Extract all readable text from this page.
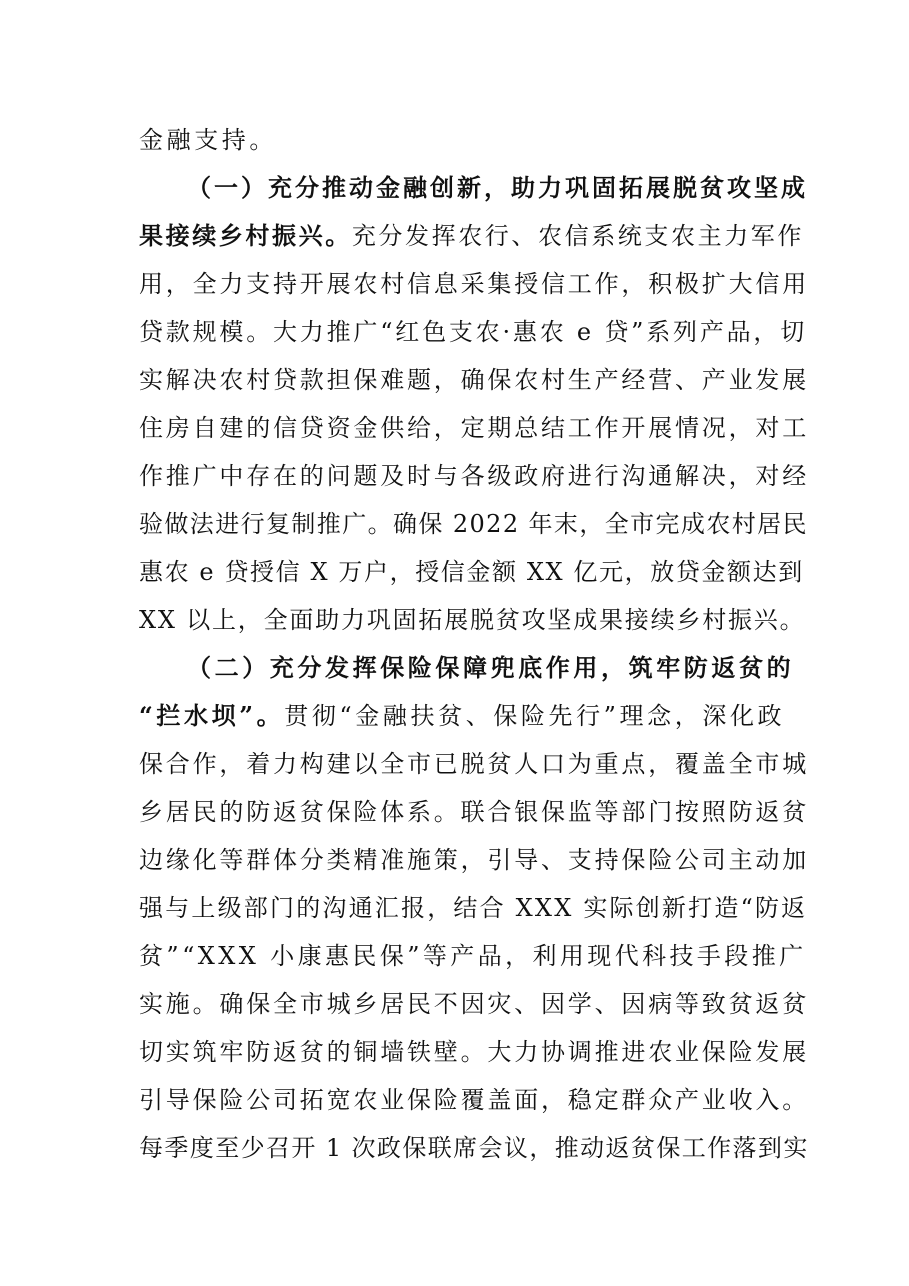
金融支持。
（一）充分推动金融创新，助力巩固拓展脱贫攻坚成
果接续乡村振兴。充分发挥农行、农信系统支农主力军作
用，全力支持开展农村信息采集授信工作，积极扩大信用
贷款规模。大力推广“红色支农·惠农 e 贷”系列产品，切
实解决农村贷款担保难题，确保农村生产经营、产业发展
住房自建的信贷资金供给，定期总结工作开展情况，对工
作推广中存在的问题及时与各级政府进行沟通解决，对经
验做法进行复制推广。确保 2022 年末，全市完成农村居民
惠农 e 贷授信 X 万户，授信金额 XX 亿元，放贷金额达到
XX 以上，全面助力巩固拓展脱贫攻坚成果接续乡村振兴。
（二）充分发挥保险保障兜底作用，筑牢防返贫的
“拦水坝”。贯彻“金融扶贫、保险先行”理念，深化政
保合作，着力构建以全市已脱贫人口为重点，覆盖全市城
乡居民的防返贫保险体系。联合银保监等部门按照防返贫
边缘化等群体分类精准施策，引导、支持保险公司主动加
强与上级部门的沟通汇报，结合 XXX 实际创新打造“防返
贫”“XXX 小康惠民保”等产品，利用现代科技手段推广
实施。确保全市城乡居民不因灾、因学、因病等致贫返贫
切实筑牢防返贫的铜墙铁壁。大力协调推进农业保险发展
引导保险公司拓宽农业保险覆盖面，稳定群众产业收入。
每季度至少召开 1 次政保联席会议，推动返贫保工作落到实
